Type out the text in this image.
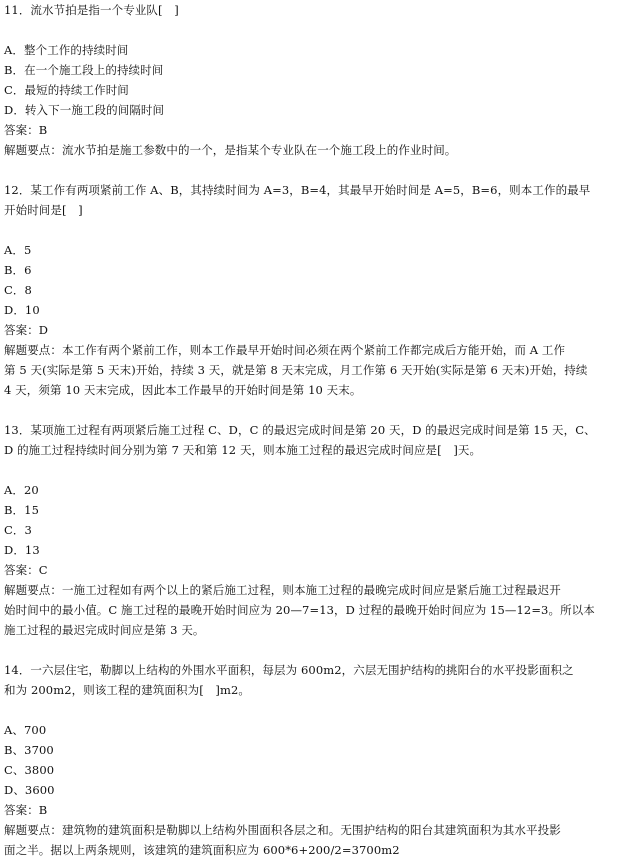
11．流水节拍是指一个专业队[　]
A．整个工作的持续时间
B．在一个施工段上的持续时间
C．最短的持续工作时间
D．转入下一施工段的间隔时间
答案：B
解题要点：流水节拍是施工参数中的一个，是指某个专业队在一个施工段上的作业时间。
12．某工作有两项紧前工作 A、B，其持续时间为 A=3，B=4，其最早开始时间是 A=5，B=6，则本工作的最早
开始时间是[　]
A．5
B．6
C．8
D．10
答案：D
解题要点：本工作有两个紧前工作，则本工作最早开始时间必须在两个紧前工作都完成后方能开始，而 A 工作
第 5 天(实际是第 5 天末)开始，持续 3 天，就是第 8 天末完成，月工作第 6 天开始(实际是第 6 天末)开始，持续
4 天，须第 10 天末完成，因此本工作最早的开始时间是第 10 天末。
13．某项施工过程有两项紧后施工过程 C、D，C 的最迟完成时间是第 20 天，D 的最迟完成时间是第 15 天，C、
D 的施工过程持续时间分别为第 7 天和第 12 天，则本施工过程的最迟完成时间应是[　]天。
A．20
B．15
C．3
D．13
答案：C
解题要点：一施工过程如有两个以上的紧后施工过程，则本施工过程的最晚完成时间应是紧后施工过程最迟开
始时间中的最小值。C 施工过程的最晚开始时间应为 20—7=13，D 过程的最晚开始时间应为 15—12=3。所以本
施工过程的最迟完成时间应是第 3 天。
14．一六层住宅，勒脚以上结构的外围水平面积，每层为 600m2，六层无围护结构的挑阳台的水平投影面积之
和为 200m2，则该工程的建筑面积为[　]m2。
A、700
B、3700
C、3800
D、3600
答案：B
解题要点：建筑物的建筑面积是勒脚以上结构外围面积各层之和。无围护结构的阳台其建筑面积为其水平投影
面之半。据以上两条规则，该建筑的建筑面积应为 600*6+200/2=3700m2
